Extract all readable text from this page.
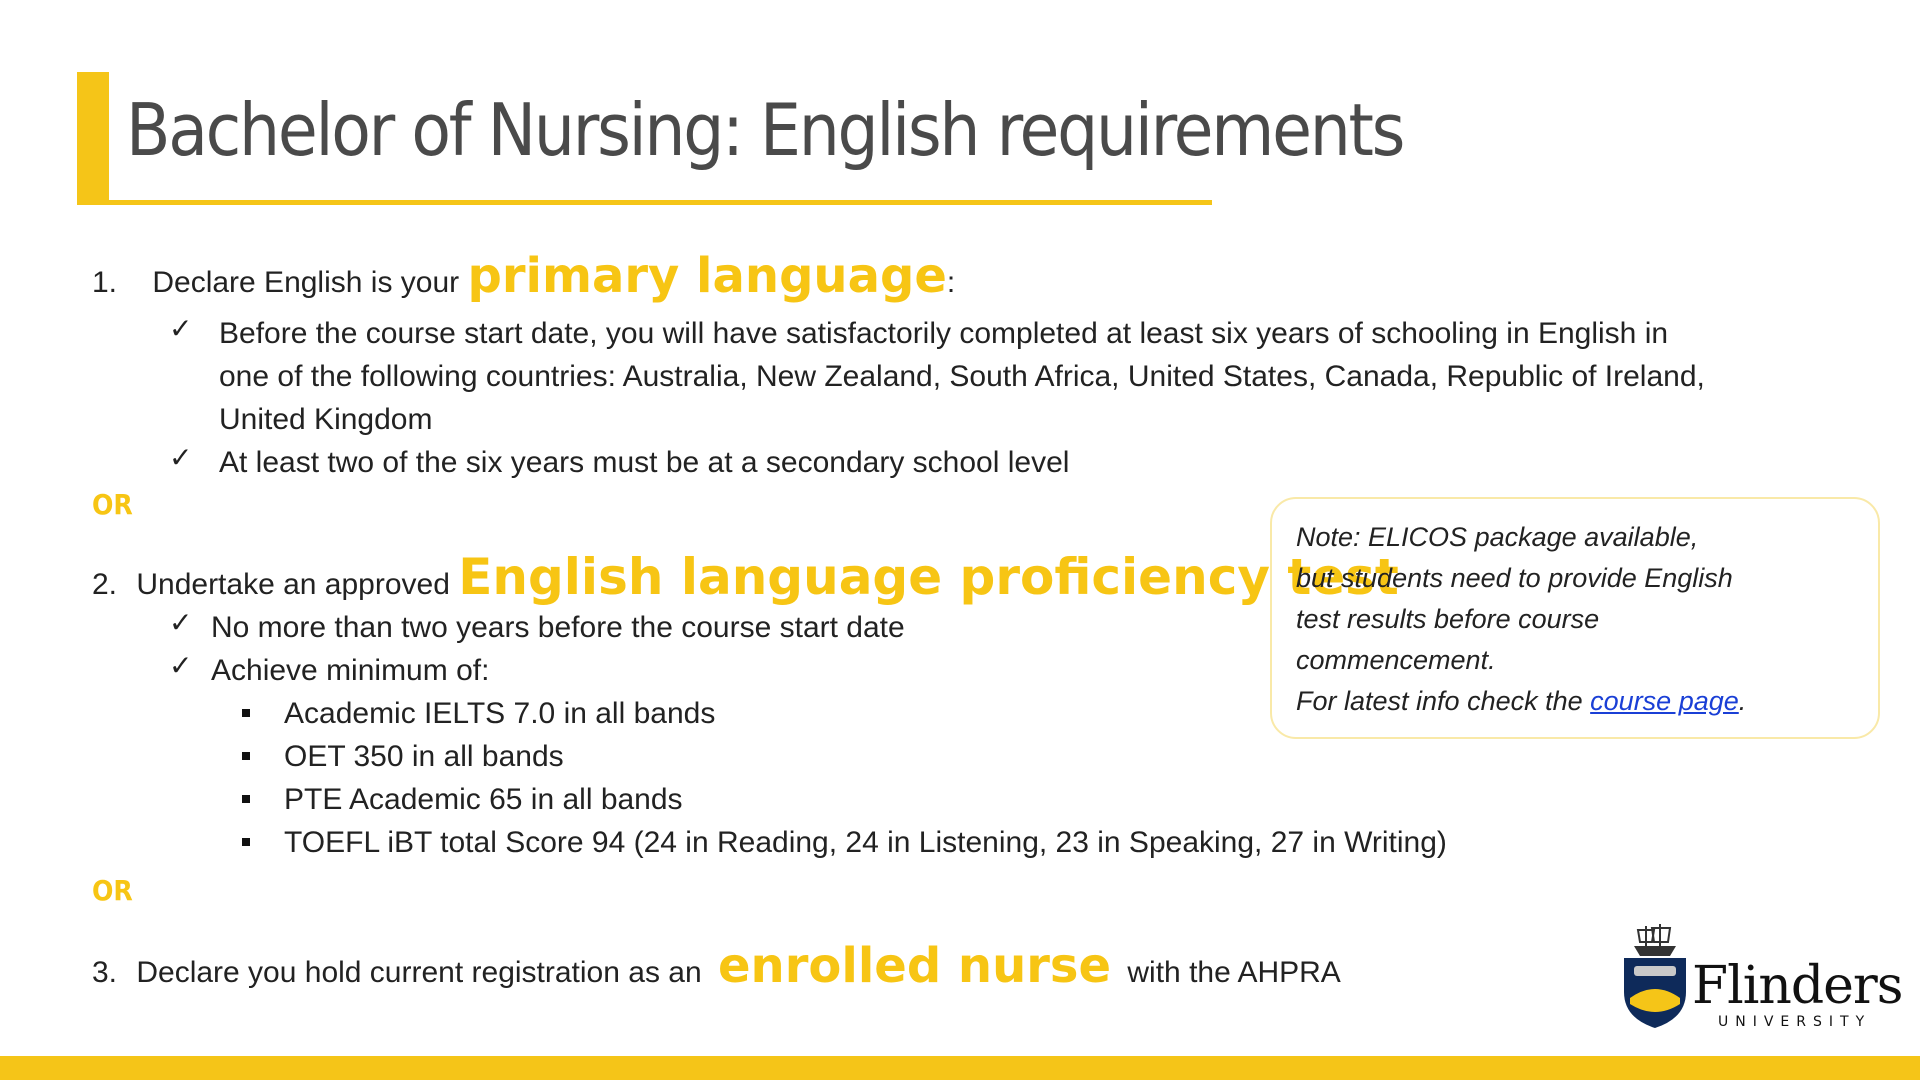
Bachelor of Nursing: English requirements
1. Declare English is your primary language:
✓ Before the course start date, you will have satisfactorily completed at least six years of schooling in English in
one of the following countries: Australia, New Zealand, South Africa, United States, Canada, Republic of Ireland,
United Kingdom
✓ At least two of the six years must be at a secondary school level
OR
2. Undertake an approved English language proficiency test
✓ No more than two years before the course start date
✓ Achieve minimum of:
Academic IELTS 7.0 in all bands
OET 350 in all bands
PTE Academic 65 in all bands
TOEFL iBT total Score 94 (24 in Reading, 24 in Listening, 23 in Speaking, 27 in Writing)
OR
3. Declare you hold current registration as an enrolled nurse with the AHPRA
Note: ELICOS package available,
but students need to provide English
test results before course
commencement.
For latest info check the course page.
Flinders
UNIVERSITY
